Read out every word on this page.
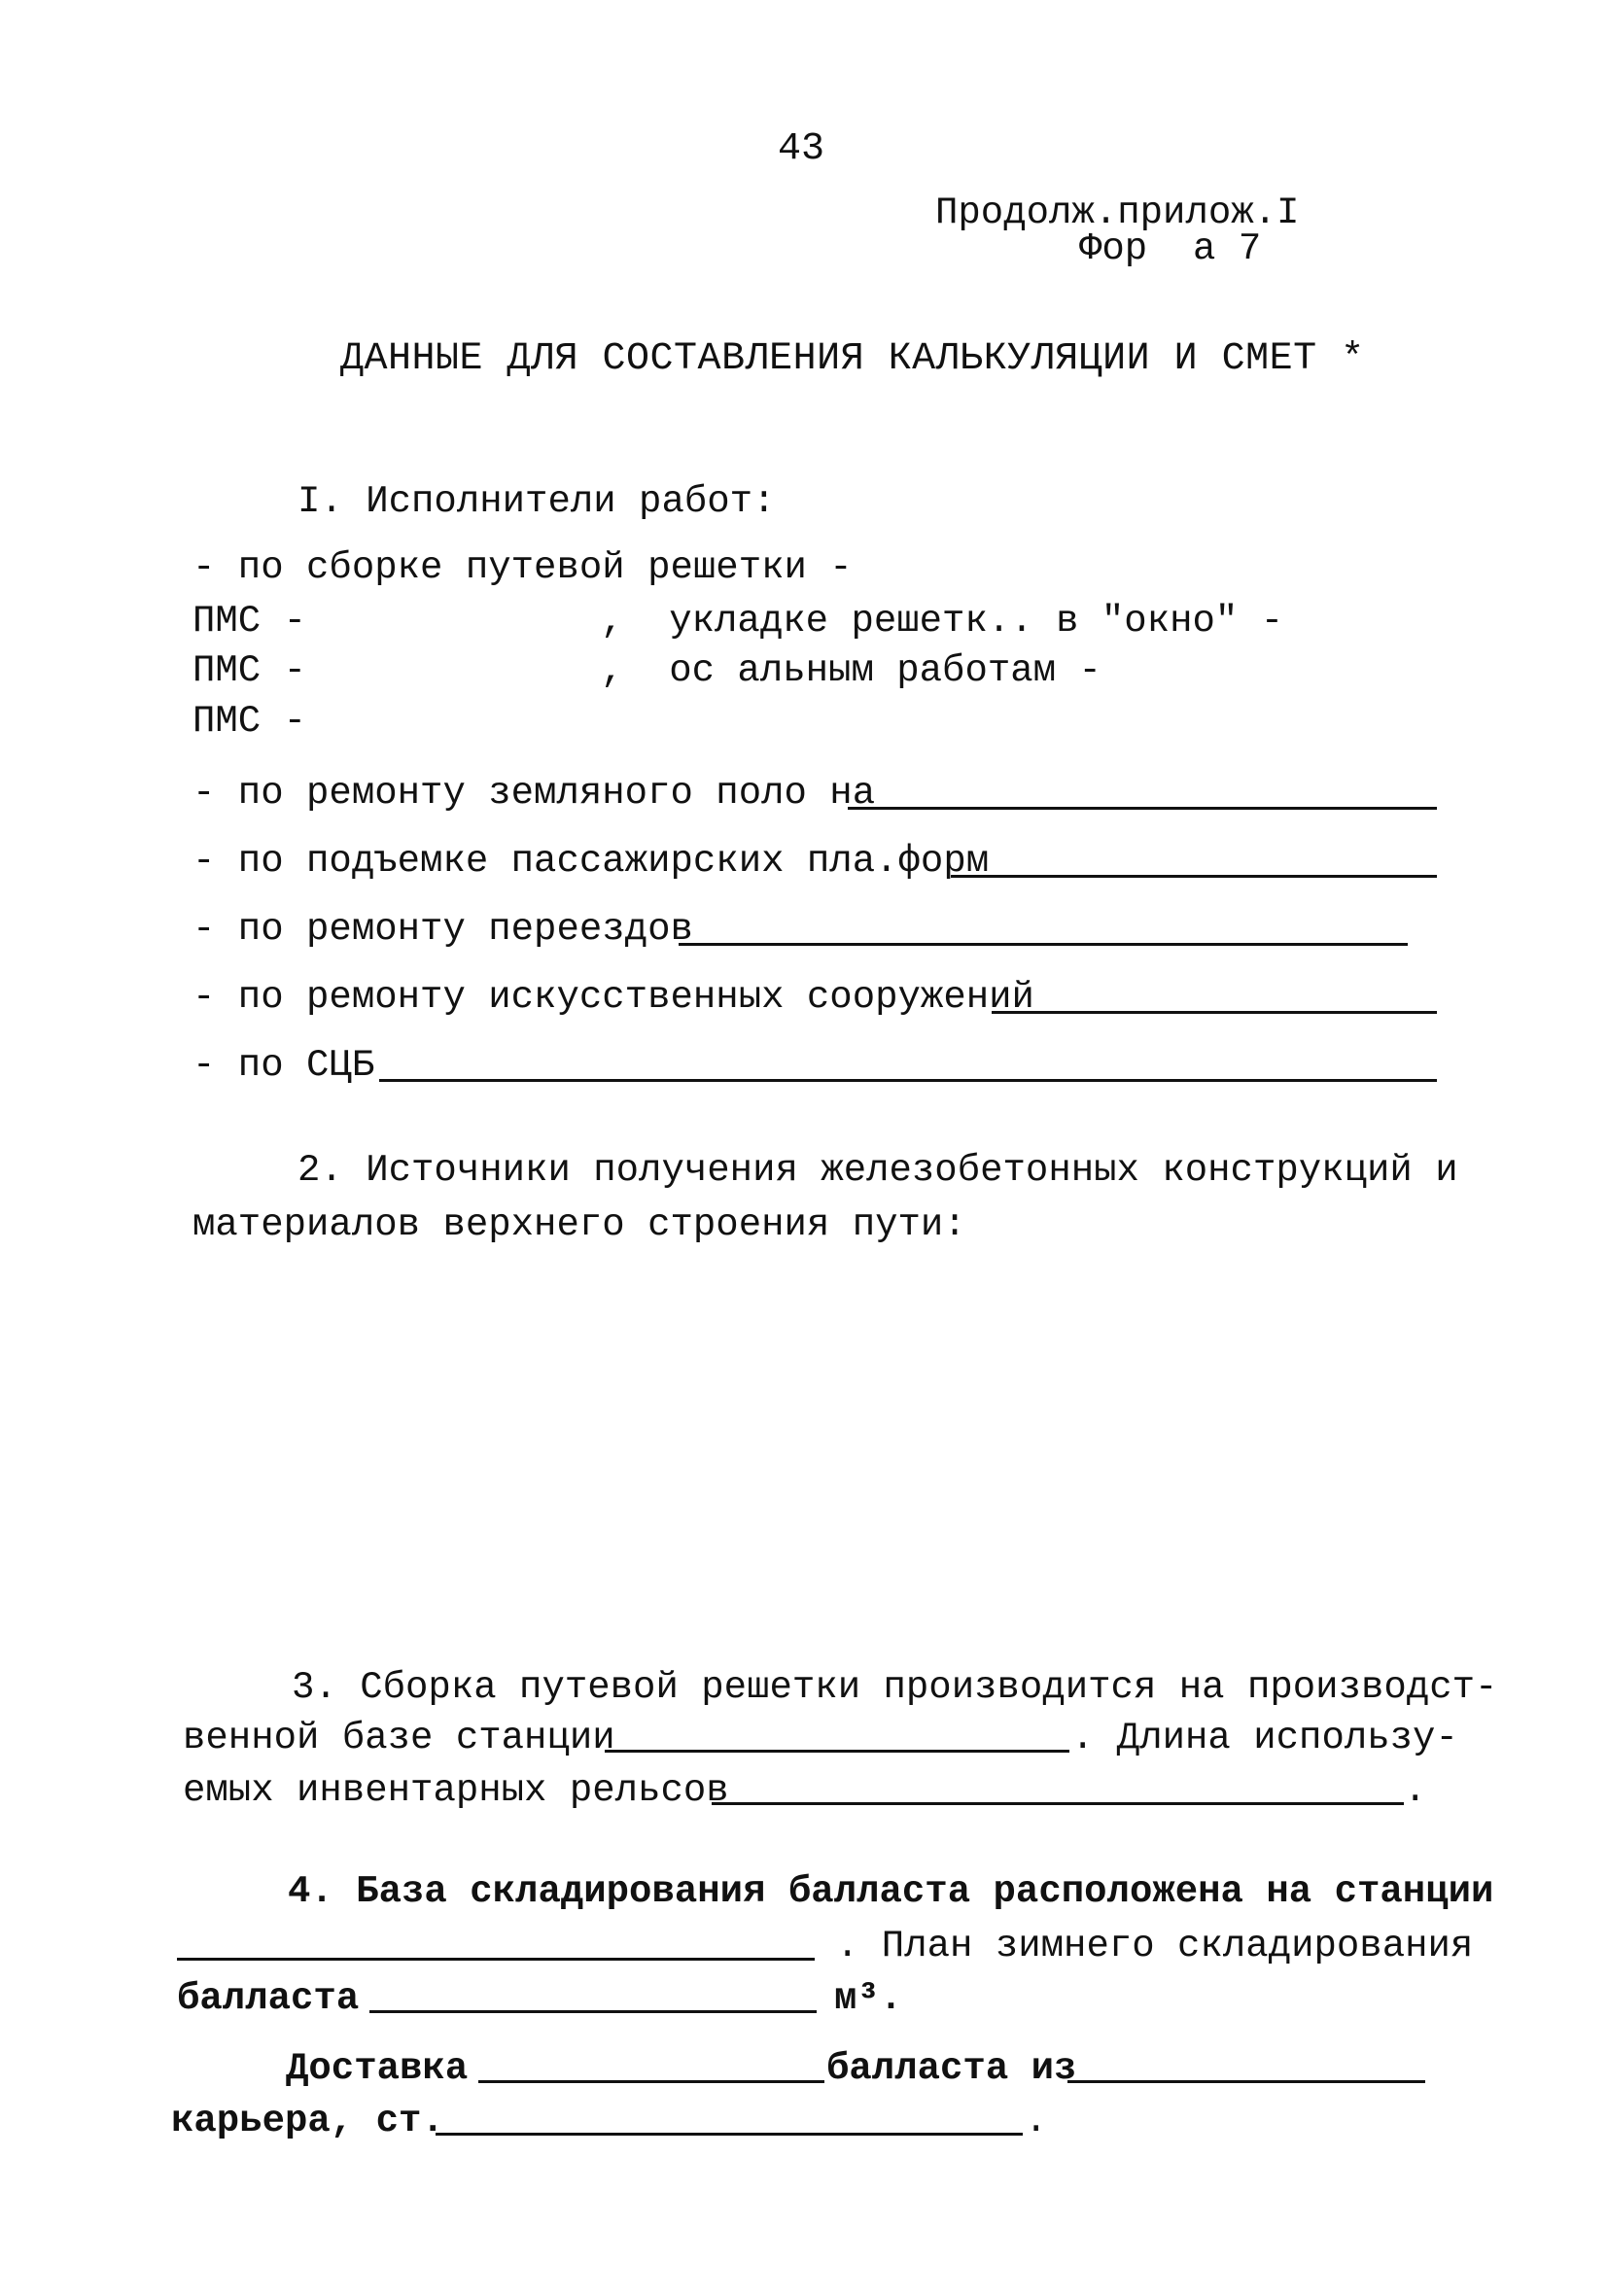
43
Продолж.прилож.I
Фор  а 7
ДАННЫЕ ДЛЯ СОСТАВЛЕНИЯ КАЛЬКУЛЯЦИИ И СМЕТ *
I. Исполнители работ:
- по сборке путевой решетки -
ПМС -	,  укладке решетк.. в "окно" -
ПМС -	,  ос альным работам -
ПМС -
- по ремонту земляного поло на
- по подъемке пассажирских пла.форм
- по ремонту переездов
- по ремонту искусственных сооружений
- по СЦБ
2. Источники получения железобетонных конструкций и
материалов верхнего строения пути:
3. Сборка путевой решетки производится на производст-
венной базе станции	. Длина использу-
емых инвентарных рельсов	.
4. База складирования балласта расположена на станции
. План зимнего складирования
балласта	м³.
Доставка	балласта из
карьера, ст.	.
